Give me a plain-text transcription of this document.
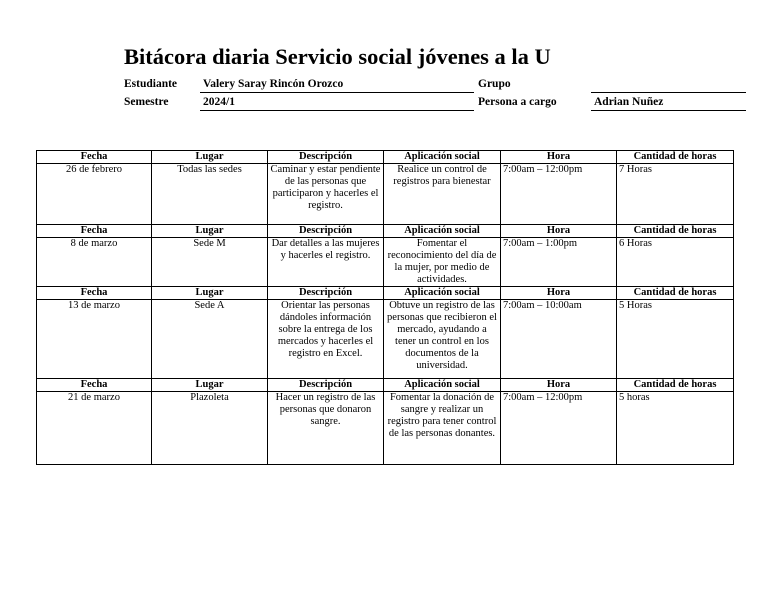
Bitácora diaria Servicio social jóvenes a la U
Estudiante Valery Saray Rincón Orozco	Grupo
Semestre	2024/1	Persona a cargo	Adrian Nuñez
Fecha	Lugar	Descripción	Aplicación social	Hora	Cantidad de horas
26 de febrero	Todas las sedes	Caminar y estar pendiente de las personas que participaron y hacerles el registro.	Realice un control de registros para bienestar	7:00am – 12:00pm	7 Horas
Fecha	Lugar	Descripción	Aplicación social	Hora	Cantidad de horas
8 de marzo	Sede M	Dar detalles a las mujeres y hacerles el registro.	Fomentar el reconocimiento del día de la mujer, por medio de actividades.	7:00am – 1:00pm	6 Horas
Fecha	Lugar	Descripción	Aplicación social	Hora	Cantidad de horas
13 de marzo	Sede A	Orientar las personas dándoles información sobre la entrega de los mercados y hacerles el registro en Excel.	Obtuve un registro de las personas que recibieron el mercado, ayudando a tener un control en los documentos de la universidad.	7:00am – 10:00am	5 Horas
Fecha	Lugar	Descripción	Aplicación social	Hora	Cantidad de horas
21 de marzo	Plazoleta	Hacer un registro de las personas que donaron sangre.	Fomentar la donación de sangre y realizar un registro para tener control de las personas donantes.	7:00am – 12:00pm	5 horas
